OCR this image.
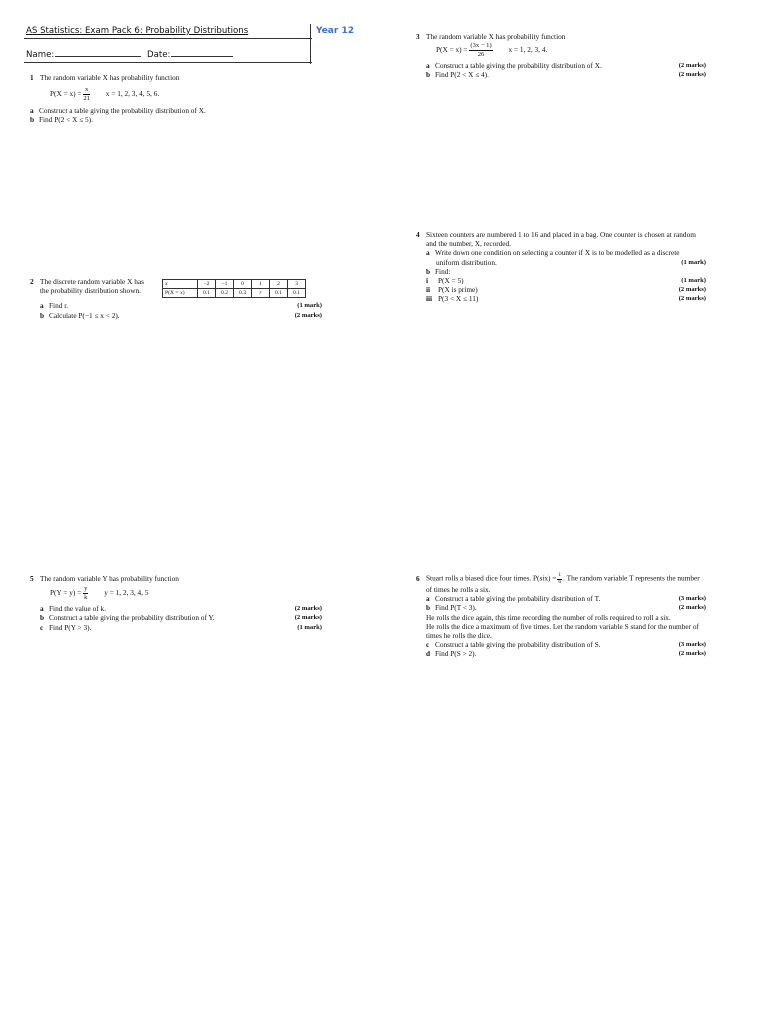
AS Statistics: Exam Pack 6: Probability Distributions
Name:	Date:
Year 12
1 The random variable X has probability function
$P(X = x) = \frac{x}{21}$ x = 1, 2, 3, 4, 5, 6.
a Construct a table giving the probability distribution of X.
b Find P(2 < X ≤ 5).
2 The discrete random variable X has
the probability distribution shown.
a Find r.	(1 mark)
b Calculate P(−1 ≤ x < 2).	(2 marks)
x	−2	−1	0	1	2	3
P(X = x)	0.1	0.2	0.3	r	0.1	0.1
3 The random variable X has probability function
$P(X = x) = \frac{(3x - 1)}{26}$ x = 1, 2, 3, 4.
a Construct a table giving the probability distribution of X.	(2 marks)
b Find P(2 < X ≤ 4).	(2 marks)
4 Sixteen counters are numbered 1 to 16 and placed in a bag. One counter is chosen at random
and the number, X, recorded.
a Write down one condition on selecting a counter if X is to be modelled as a discrete
uniform distribution.	(1 mark)
b Find:
i P(X = 5)	(1 mark)
ii P(X is prime)	(2 marks)
iii P(3 < X ≤ 11)	(2 marks)
5 The random variable Y has probability function
$P(Y = y) = \frac{y}{k}$ y = 1, 2, 3, 4, 5
a Find the value of k.	(2 marks)
b Construct a table giving the probability distribution of Y.	(2 marks)
c Find P(Y > 3).	(1 mark)
6 Stuart rolls a biased dice four times. $P(six) = \frac{1}{6}$ . The random variable T represents the number
of times he rolls a six.
a Construct a table giving the probability distribution of T.	(3 marks)
b Find P(T < 3).	(2 marks)
He rolls the dice again, this time recording the number of rolls required to roll a six.
He rolls the dice a maximum of five times. Let the random variable S stand for the number of
times he rolls the dice.
c Construct a table giving the probability distribution of S.	(3 marks)
d Find P(S > 2).	(2 marks)
